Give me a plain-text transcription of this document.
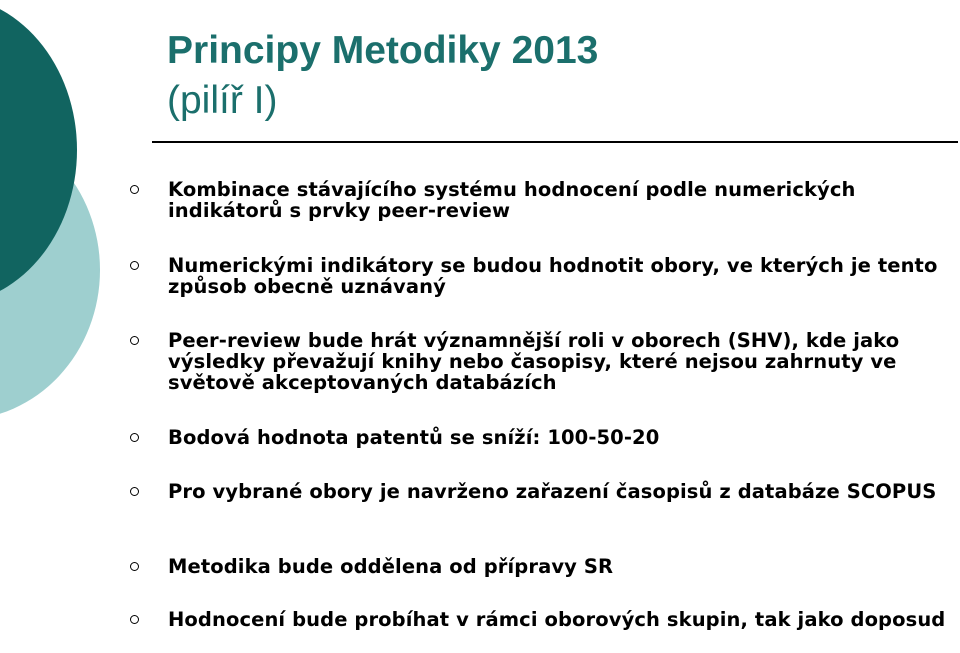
Principy Metodiky 2013
(pilíř I)
Kombinace stávajícího systému hodnocení podle numerických indikátorů s prvky peer-review
Numerickými indikátory se budou hodnotit obory, ve kterých je tento způsob obecně uznávaný
Peer-review bude hrát významnější roli v oborech (SHV), kde jako výsledky převažují knihy nebo časopisy, které nejsou zahrnuty ve světově akceptovaných databázích
Bodová hodnota patentů se sníží: 100-50-20
Pro vybrané obory je navrženo zařazení časopisů z databáze SCOPUS
Metodika bude oddělena od přípravy SR
Hodnocení bude probíhat v rámci oborových skupin, tak jako doposud
